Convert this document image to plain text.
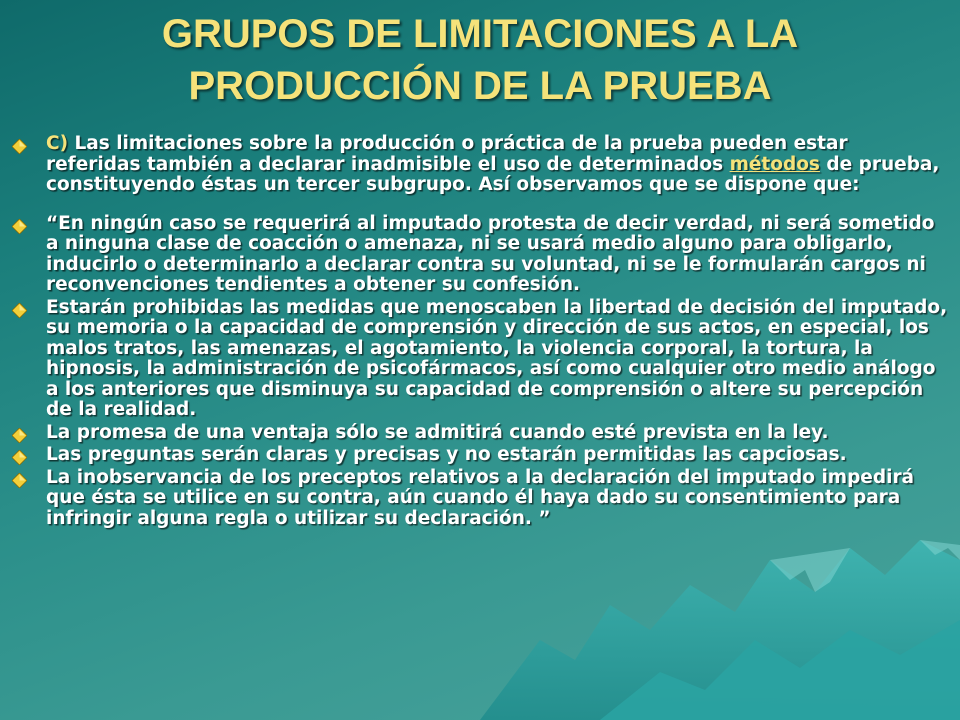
GRUPOS DE LIMITACIONES A LA
PRODUCCIÓN DE LA PRUEBA
C) Las limitaciones sobre la producción o práctica de la prueba pueden estar referidas también a declarar inadmisible el uso de determinados métodos de prueba, constituyendo éstas un tercer subgrupo. Así observamos que se dispone que:
“En ningún caso se requerirá al imputado protesta de decir verdad, ni será sometido a ninguna clase de coacción o amenaza, ni se usará medio alguno para obligarlo, inducirlo o determinarlo a declarar contra su voluntad, ni se le formularán cargos ni reconvenciones tendientes a obtener su confesión.
Estarán prohibidas las medidas que menoscaben la libertad de decisión del imputado, su memoria o la capacidad de comprensión y dirección de sus actos, en especial, los malos tratos, las amenazas, el agotamiento, la violencia corporal, la tortura, la hipnosis, la administración de psicofármacos, así como cualquier otro medio análogo a los anteriores que disminuya su capacidad de comprensión o altere su percepción de la realidad.
La promesa de una ventaja sólo se admitirá cuando esté prevista en la ley.
Las preguntas serán claras y precisas y no estarán permitidas las capciosas.
La inobservancia de los preceptos relativos a la declaración del imputado impedirá que ésta se utilice en su contra, aún cuando él haya dado su consentimiento para infringir alguna regla o utilizar su declaración. ”
